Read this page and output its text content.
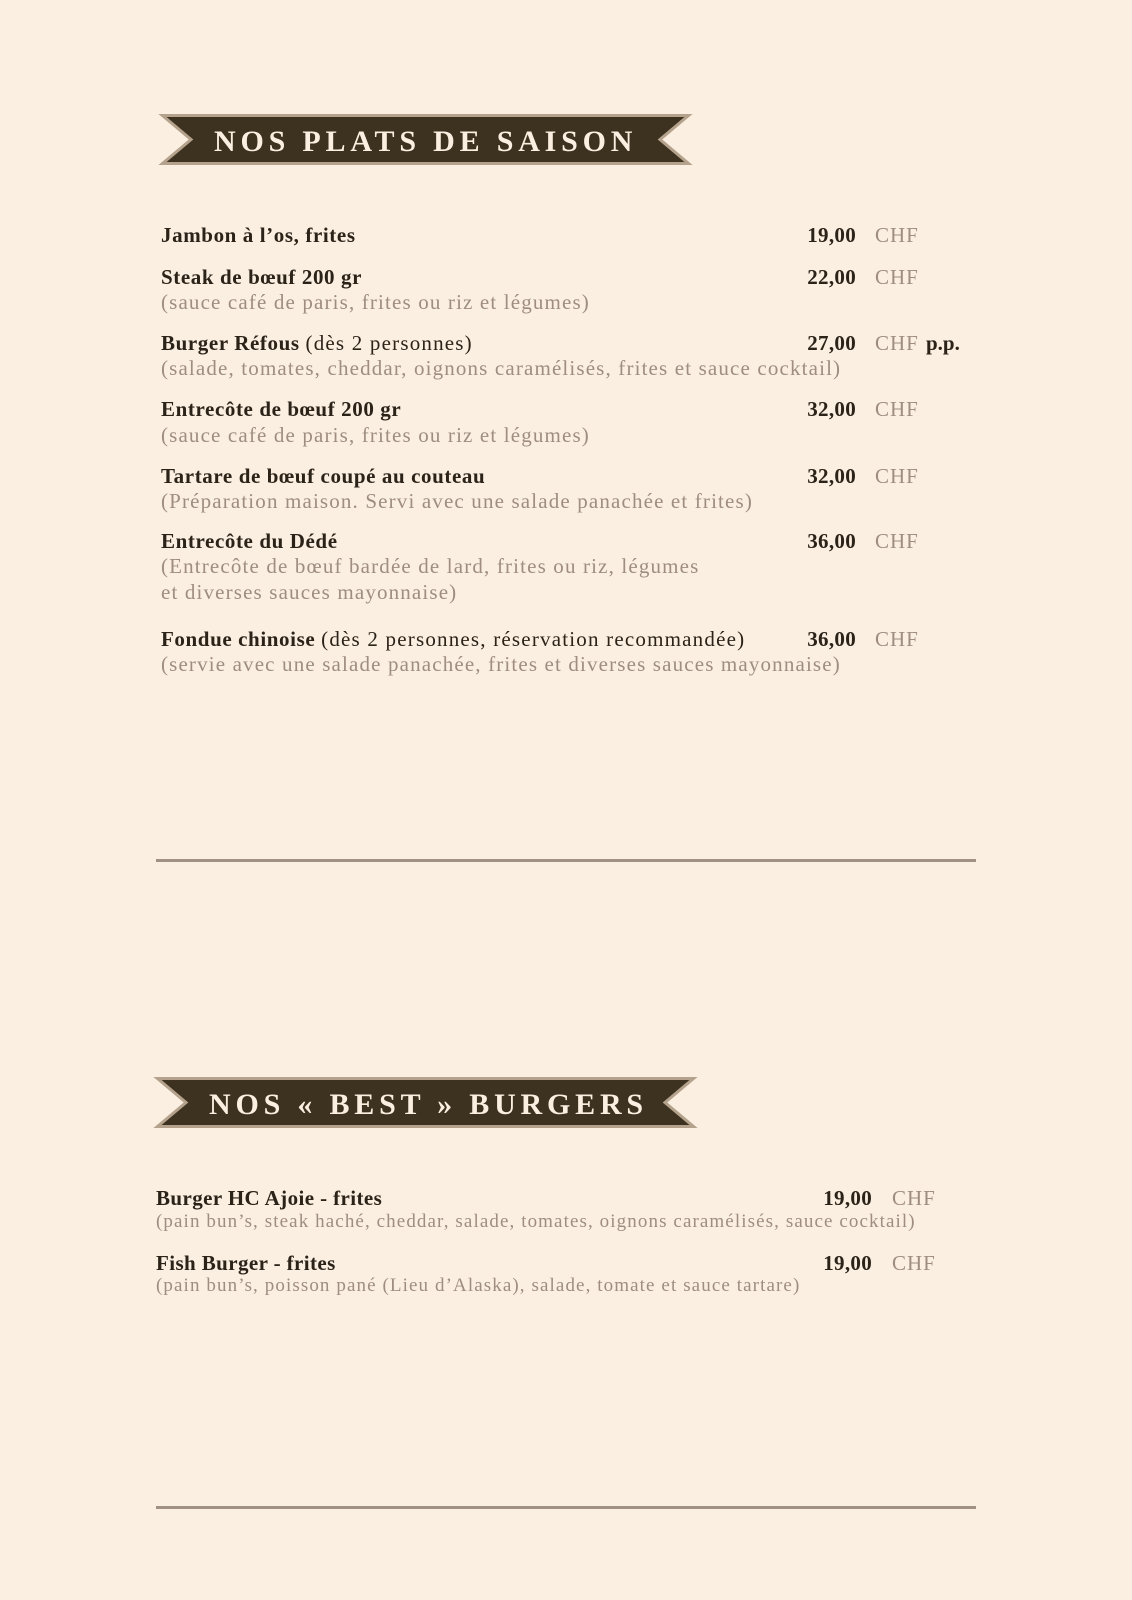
NOS PLATS DE SAISON
Jambon à l’os, frites	19,00 CHF
Steak de bœuf 200 gr	22,00 CHF
(sauce café de paris, frites ou riz et légumes)
Burger Réfous (dès 2 personnes)	27,00 CHF p.p.
(salade, tomates, cheddar, oignons caramélisés, frites et sauce cocktail)
Entrecôte de bœuf 200 gr	32,00 CHF
(sauce café de paris, frites ou riz et légumes)
Tartare de bœuf coupé au couteau	32,00 CHF
(Préparation maison. Servi avec une salade panachée et frites)
Entrecôte du Dédé	36,00 CHF
(Entrecôte de bœuf bardée de lard, frites ou riz, légumes
et diverses sauces mayonnaise)
Fondue chinoise (dès 2 personnes, réservation recommandée)	36,00 CHF
(servie avec une salade panachée, frites et diverses sauces mayonnaise)
NOS « BEST » BURGERS
Burger HC Ajoie - frites	19,00 CHF
(pain bun’s, steak haché, cheddar, salade, tomates, oignons caramélisés, sauce cocktail)
Fish Burger - frites	19,00 CHF
(pain bun’s, poisson pané (Lieu d’Alaska), salade, tomate et sauce tartare)
